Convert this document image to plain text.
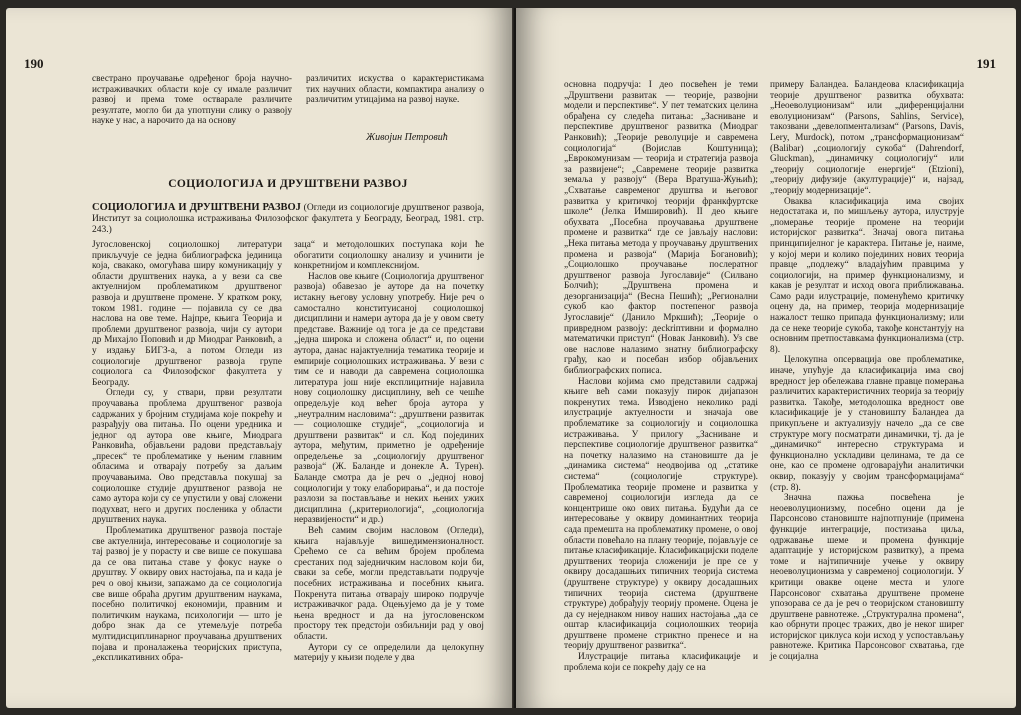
190

свестрано проучавање одређеног броја научно-истраживачких области које су имале различит развој и према томе остварале различите резултате, могло би да употпуни слику о развоју науке у нас, а нарочито да на основу

различитих искуства о карактеристикама тих научних области, компактира анализу о различитим утицајима на развој науке.

Живојин Петровић
СОЦИОЛОГИЈА И ДРУШТВЕНИ РАЗВОЈ
СОЦИОЛОГИЈА И ДРУШТВЕНИ РАЗВОЈ (Огледи из социологије друштвеног развоја, Институт за социолошка истраживања Филозофског факултета у Београду, Београд, 1981. стр. 243.)

Југословенској социолошкој литератури прикључује се једна библиографска јединица која, свакако, омогућава ширу комуникацију у области друштвених наука, а у вези са све актуелнијом проблематиком друштвеног развоја и друштвене промене. У кратком року, током 1981. године — појавила су се два наслова на ове теме. Најпре, књига Теорија и проблеми друштвеног развоја, чији су аутори др Михајло Поповић и др Миодраг Ранковић, а у издању БИГЗ-а, а потом Огледи из социологије друштвеног развоја групе социолога са Филозофског факултета у Београду.

Огледи су, у ствари, први резултати проучавања проблема друштвеног развоја садржаних у бројним студијама које покрећу и разрађују ова питања. По оцени уредника и једног од аутора ове књиге, Миодрага Ранковића, објављени радови представљају „пресек“ те проблематике у њеним главним обласима и отварају потребу за даљим проучавањима. Ово представља покушај за социолошке студије друштвеног развоја не само аутора који су се упустили у овај сложени подухват, него и других посленика у области друштвених наука.

Проблематика друштвеног развоја постаје све актуелнија, интересовање и социологије за тај развој је у порасту и све више се покушава да се ова питања ставе у фокус науке о друштву. У оквиру ових настојања, па и када је реч о овој књизи, запажамо да се социологија све више обраћа другим друштвеним наукама, посебно политичкој економији, правним и политичким наукама, психологији — што је добро знак да се утемељује потреба мултидисциплинарног проучавања друштвених појава и проналажења теоријских приступа, „експликативних обра-

заца“ и методолошких поступака који ће обогатити социолошку анализу и учинити је конкретнијом и комплекснијом.

Наслов ове књиге (Социологија друштвеног развоја) обавезао је ауторе да на почетку истакну његову условну употребу. Није реч о самостално конституисаној социолошкој дисциплини и намери аутора да је у овом свету представе. Важније од тога је да се представи „једна широка и сложена област“ и, по оцени аутора, данас најактуелнија тематика теорије и емпирије социолошких истраживања. У вези с тим се и наводи да савремена социолошка литература још није експлицитније најавила нову социолошку дисциплину, већ се чешће опредељује код већег броја аутора у „неутралним насловима“: „друштвени развитак — социолошке студије“, „социологија и друштвени развитак“ и сл. Код појединих аутора, међутим, приметно је одређеније опредељење за „социологију друштвеног развоја“ (Ж. Баланде и донекле А. Турен). Баланде смотра да је реч о „једној новој социологији у току елаборирања“, и да постоје разлози за постављање и неких њених ужих дисциплина („критериологија“, „социологија неразвијености“ и др.)

Већ самим својим насловом (Огледи), књига најављује вишедимензионалност. Срећемо се са већим бројем проблема срестаних под заједничким насловом који би, свaки за себе, могли представљати подручје посебних истраживања и посебних књига. Покренута питања отварају широко подручје истраживачког рада. Оцењујемо да је у томе њена вредност и да на југословенском простору тек предстоји озбиљнији рад у овој области.

Аутори су се определили да целокупну материју у књизи поделе у два

191

основна подручја: I део посвећен је теми „Друштвени развитак — теорије, развојни модели и перспективе“. У пет тематских целина обрађена су следећа питања: „Засниване и перспективе друштвеног развитка (Миодраг Ранковић); „Теорије револуције и савремена социологија“ (Војислав Коштуница); „Еврокомунизам — теорија и стратегија развоја за развијене“; „Савремене теорије развитка земаља у развоју“ (Вера Вратуша-Жуњић); „Схватање савременог друштва и његовог развитка у критичкој теорији франкфуртске школе“ (Јелка Имшировић). II део књиге обухвата „Посебна проучавања друштвене промене и развитка“ где се јављају наслови: „Нека питања метода у проучавању друштвених промена и развоја“ (Марија Богановић); „Социолошко проучавање послератног друштвеног развоја Југославије“ (Силвано Болчић); „Друштвена промена и дезорганизација“ (Весна Пешић); „Регионални сукоб као фактор постепеног развоја Југославије“ (Данило Мркшић); „Теорије о привредном развоју: десkriптивни и формално математички приступ“ (Новак Јанковић). Уз све ове наслове налазимо знатну библиографску грађу, као и посебан избор објављених библиографских пописа.

Наслови којима смо представили садржај књиге већ сами показују пирок дијапазон покренутих тема. Изводјено неколико радi илустрације актуелности и значаја ове проблематике за социологију и социолошка истраживања. У прилогу „Засниване и перспективе социологије друштвеног развитка“ на почетку налазимо на становиште да је „динамика система“ неодвојива од „статике система“ (социологије структуре). Проблематика теорије промене и развитка у савременој социологији изгледа да се концентрише око ових питања. Будући да се интересовање у оквиру доминантних теорија сада премешта на проблематику промене, о овој области повећало на плану теорије, појављује се питање класификације. Класификацијски поделе друштвених теорија сложенији је пре се у оквиру досадашњих типичних теорија система (друштвене структуре) у оквиру досадашњих типичних теорија система (друштвене структуре) добрађују теорију промене. Оцена је да су неједнаком нивоу наших настојања „да се оштар класификација социолошких теорија друштвене промене стриктно пренесе и на теорију друштвеног развитка“.

Илустрације питања класификације и проблема који се покрећу дају се на

примеру Баландеа. Баландеова класификација теорије друштвеног развитка обухвата: „Неоеволуционизам“ или „диференцијални еволуционизам“ (Parsons, Sahlins, Service), такозвани „девелопментализам“ (Parsons, Davis, Lery, Murdock), потом „трансформационизам“ (Balibar) „социологију сукоба“ (Dahrendorf, Gluckman), „динамичку социологију“ или „теорију социологије енергије“ (Etzioni), „теорију дифузије (акултурације)“ и, најзад, „теорију модернизације“.

Оваква класификација има својих недостатака и, по мишљењу аутора, илуструје „померање теорије промене на теорији историјског развитка“. Значај овога питања принципијелног је карактера. Питање је, наиме, у којој мери и колико појединих нових теорија правце „подлежу“ владајућим правцима у социологији, на пример функционализму, и какав је резултат и исход овога приближавања. Само ради илустрације, поменућемо критичку оцену да, на пример, теорија модернизације нажалост тешко припада функционализму; или да се неке теорије сукоба, такође константују на основним претпоставкама функционализма (стр. 8).

Целокупна опсервација ове проблематике, иначе, упућује да класификација има свој вредност јер обележава главне правце померања различитих карактеристичних теорија за теорију развитка. Такође, методолошка вредност ове класификације је у становишту Баландеа да прикупљене и актуализују начело „да се све структуре могу посматрати динамички, тј. да је „динамичко“ интересно структурама и функционално ускладиви целинама, те да се оне, као се промене одговарајући аналитички оквир, показују у својим трансформацијама“ (стр. 8).

Значна пажња посвећена је неоеволуционизму, посебно оцени да је Парсонсово становиште најпотпуније (примена функције интеграције, постизања циља, одржавање шеме и промена функције адаптације у историјском развитку), а према томе и најтипичније учење у оквиру неоеволуционизма у савременој социологији. У критици овакве оцене места и улоге Парсонсовог схватања друштвене промене упозорава се да је реч о теоријском становишту друштвене равнотеже. „Структурална промена“, као обрнути процес тражих, дво је неког ширег историјског циклуса који исход у успостављању равнотеже. Критика Парсонсовог схватања, где је социјална
